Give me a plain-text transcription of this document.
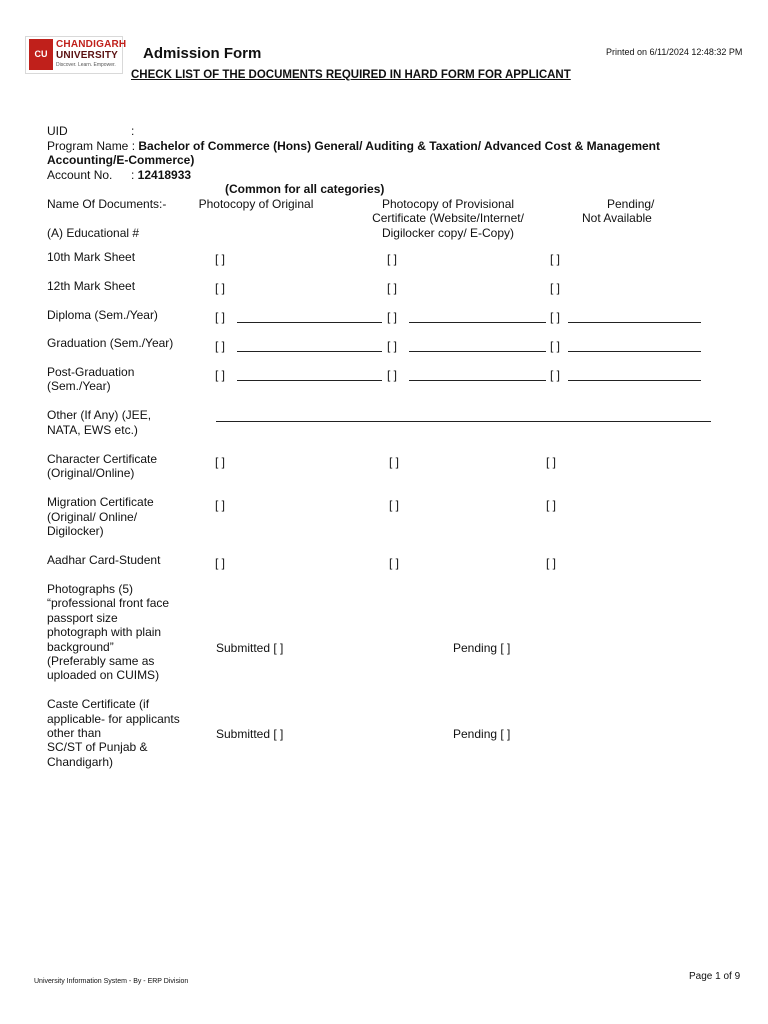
CU
CHANDIGARH
UNIVERSITY
Discover. Learn. Empower.
Admission Form	Printed on 6/11/2024 12:48:32 PM
CHECK LIST OF THE DOCUMENTS REQUIRED IN HARD FORM FOR APPLICANT
UID	:
Program Name : Bachelor of Commerce (Hons) General/ Auditing & Taxation/ Advanced Cost & Management
Accounting/E-Commerce)
Account No. : 12418933
(Common for all categories)
Name Of Documents:-
(A) Educational #
Photocopy of Original	Photocopy of Provisional
Certificate (Website/Internet/
Digilocker copy/ E-Copy)
Pending/
Not Available
10th Mark Sheet	[ ]	[ ]	[ ]
12th Mark Sheet	[ ]	[ ]	[ ]
Diploma (Sem./Year)	[ ]	[ ]	[ ]
Graduation (Sem./Year)	[ ]	[ ]	[ ]
Post-Graduation
(Sem./Year)
[ ]	[ ]	[ ]
Other (If Any) (JEE,
NATA, EWS etc.)
Character Certificate
(Original/Online)
[ ]	[ ]	[ ]
Migration Certificate
(Original/ Online/
Digilocker)
[ ]	[ ]	[ ]
Aadhar Card-Student	[ ]	[ ]	[ ]
Photographs (5)
“professional front face
passport size
photograph with plain
background”
(Preferably same as
uploaded on CUIMS)
Submitted [ ]	Pending [ ]
Caste Certificate (if
applicable- for applicants
other than
SC/ST of Punjab &
Chandigarh)
Submitted [ ]	Pending [ ]
University Information System - By - ERP Division	Page 1 of 9
